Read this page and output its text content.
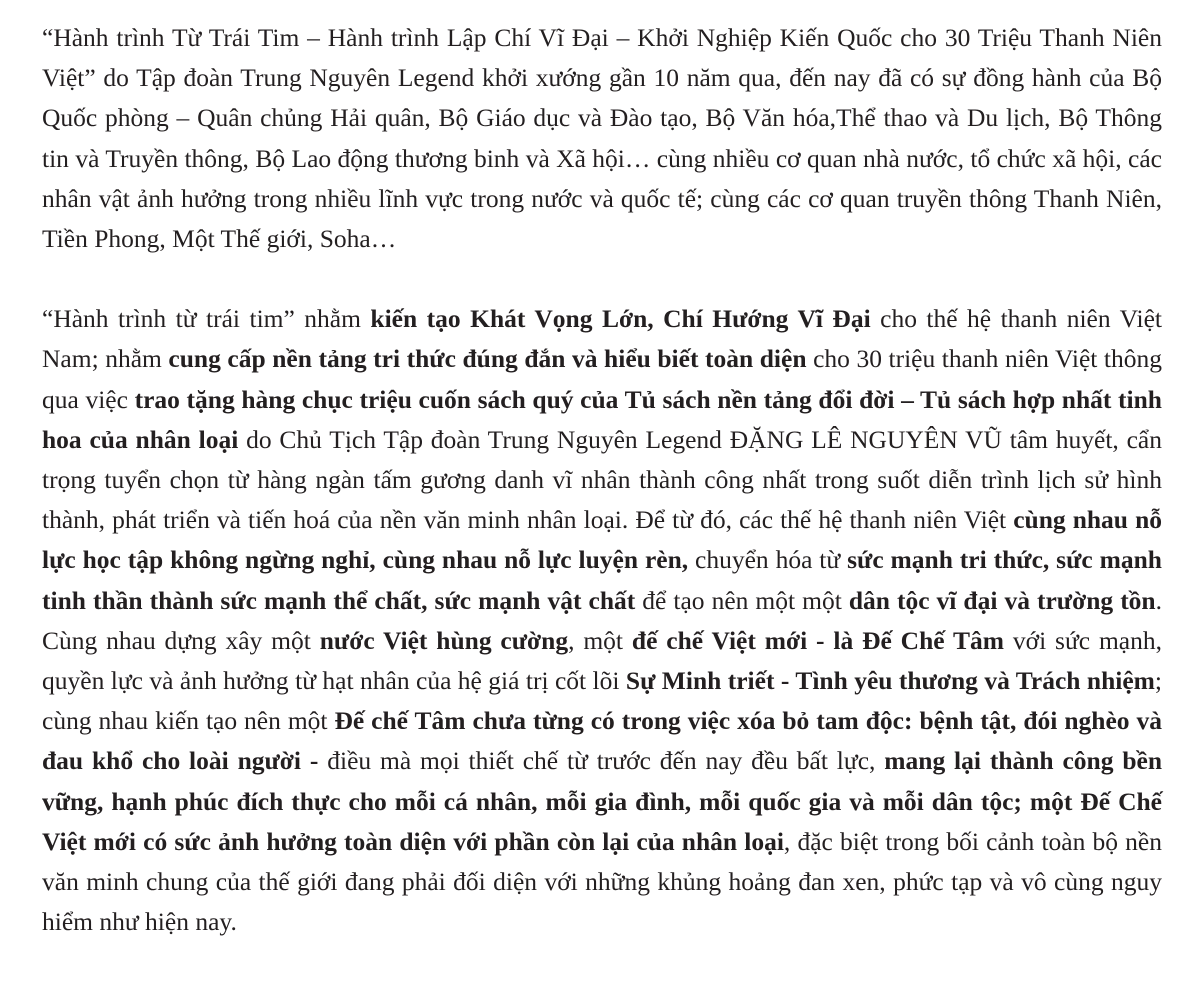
“Hành trình Từ Trái Tim – Hành trình Lập Chí Vĩ Đại – Khởi Nghiệp Kiến Quốc cho 30 Triệu Thanh Niên Việt” do Tập đoàn Trung Nguyên Legend khởi xướng gần 10 năm qua, đến nay đã có sự đồng hành của Bộ Quốc phòng – Quân chủng Hải quân, Bộ Giáo dục và Đào tạo, Bộ Văn hóa,Thể thao và Du lịch, Bộ Thông tin và Truyền thông, Bộ Lao động thương binh và Xã hội… cùng nhiều cơ quan nhà nước, tổ chức xã hội, các nhân vật ảnh hưởng trong nhiều lĩnh vực trong nước và quốc tế; cùng các cơ quan truyền thông Thanh Niên, Tiền Phong, Một Thế giới, Soha…

“Hành trình từ trái tim” nhằm kiến tạo Khát Vọng Lớn, Chí Hướng Vĩ Đại cho thế hệ thanh niên Việt Nam; nhằm cung cấp nền tảng tri thức đúng đắn và hiểu biết toàn diện cho 30 triệu thanh niên Việt thông qua việc trao tặng hàng chục triệu cuốn sách quý của Tủ sách nền tảng đổi đời – Tủ sách hợp nhất tinh hoa của nhân loại do Chủ Tịch Tập đoàn Trung Nguyên Legend ĐẶNG LÊ NGUYÊN VŨ tâm huyết, cẩn trọng tuyển chọn từ hàng ngàn tấm gương danh vĩ nhân thành công nhất trong suốt diễn trình lịch sử hình thành, phát triển và tiến hoá của nền văn minh nhân loại. Để từ đó, các thế hệ thanh niên Việt cùng nhau nỗ lực học tập không ngừng nghỉ, cùng nhau nỗ lực luyện rèn, chuyển hóa từ sức mạnh tri thức, sức mạnh tinh thần thành sức mạnh thể chất, sức mạnh vật chất để tạo nên một một dân tộc vĩ đại và trường tồn. Cùng nhau dựng xây một nước Việt hùng cường, một đế chế Việt mới - là Đế Chế Tâm với sức mạnh, quyền lực và ảnh hưởng từ hạt nhân của hệ giá trị cốt lõi Sự Minh triết - Tình yêu thương và Trách nhiệm; cùng nhau kiến tạo nên một Đế chế Tâm chưa từng có trong việc xóa bỏ tam độc: bệnh tật, đói nghèo và đau khổ cho loài người - điều mà mọi thiết chế từ trước đến nay đều bất lực, mang lại thành công bền vững, hạnh phúc đích thực cho mỗi cá nhân, mỗi gia đình, mỗi quốc gia và mỗi dân tộc; một Đế Chế Việt mới có sức ảnh hưởng toàn diện với phần còn lại của nhân loại, đặc biệt trong bối cảnh toàn bộ nền văn minh chung của thế giới đang phải đối diện với những khủng hoảng đan xen, phức tạp và vô cùng nguy hiểm như hiện nay.
